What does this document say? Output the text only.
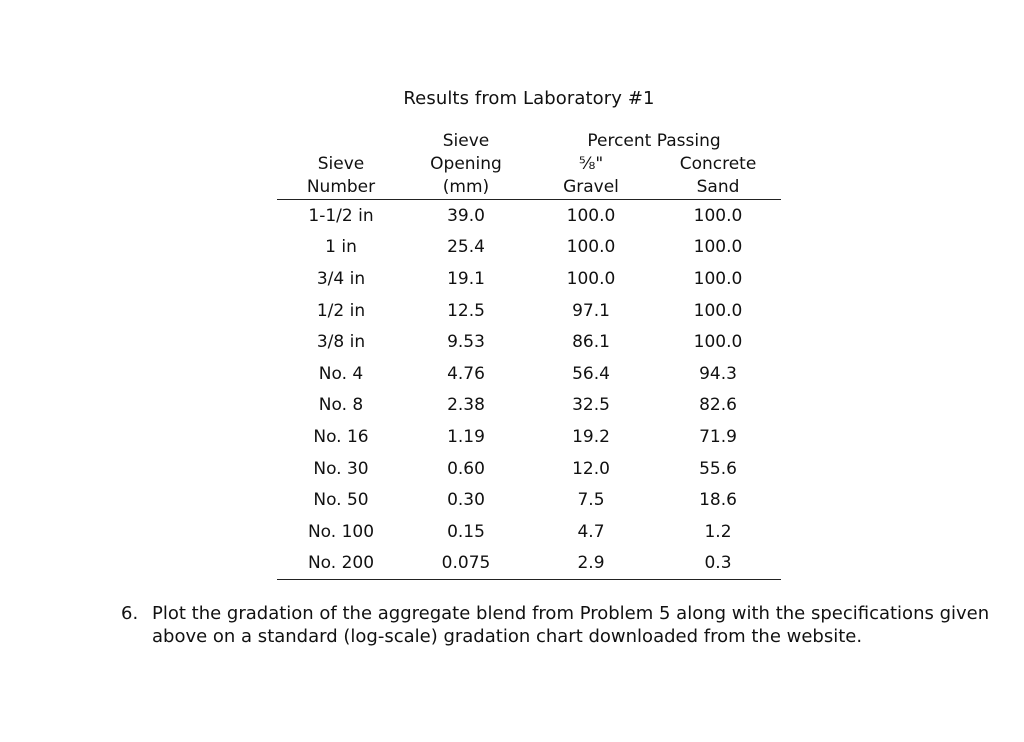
Results from Laboratory #1
	Sieve	Percent Passing	
Sieve	Opening	⅝"	Concrete
Number	(mm)	Gravel	Sand
1-1/2 in	39.0	100.0	100.0
1 in	25.4	100.0	100.0
3/4 in	19.1	100.0	100.0
1/2 in	12.5	97.1	100.0
3/8 in	9.53	86.1	100.0
No. 4	4.76	56.4	94.3
No. 8	2.38	32.5	82.6
No. 16	1.19	19.2	71.9
No. 30	0.60	12.0	55.6
No. 50	0.30	7.5	18.6
No. 100	0.15	4.7	1.2
No. 200	0.075	2.9	0.3
6. Plot the gradation of the aggregate blend from Problem 5 along with the specifications given above on a standard (log-scale) gradation chart downloaded from the website.
